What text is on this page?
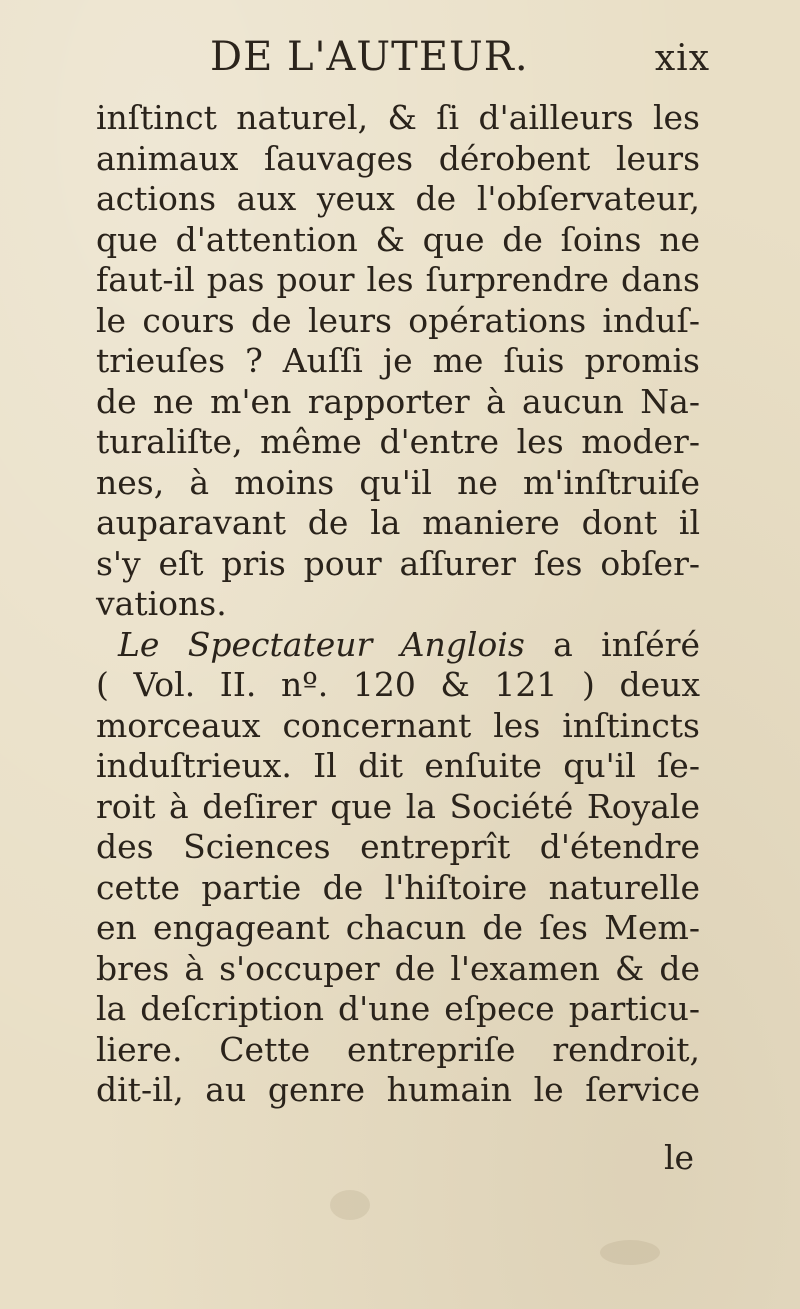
DE L'AUTEUR.	xix
inſtinct naturel, & ſi d'ailleurs les
animaux ſauvages dérobent leurs
actions aux yeux de l'obſervateur,
que d'attention & que de ſoins ne
faut-il pas pour les ſurprendre dans
le cours de leurs opérations induſ-
trieuſes ? Auſſi je me ſuis promis
de ne m'en rapporter à aucun Na-
turaliſte, même d'entre les moder-
nes, à moins qu'il ne m'inſtruiſe
auparavant de la maniere dont il
s'y eſt pris pour aſſurer ſes obſer-
vations.
Le Spectateur Anglois a inſéré
( Vol. II. nº. 120 & 121 ) deux
morceaux concernant les inſtincts
induſtrieux. Il dit enſuite qu'il ſe-
roit à deſirer que la Société Royale
des Sciences entreprît d'étendre
cette partie de l'hiſtoire naturelle
en engageant chacun de ſes Mem-
bres à s'occuper de l'examen & de
la deſcription d'une eſpece particu-
liere. Cette entrepriſe rendroit,
dit-il, au genre humain le ſervice
le
